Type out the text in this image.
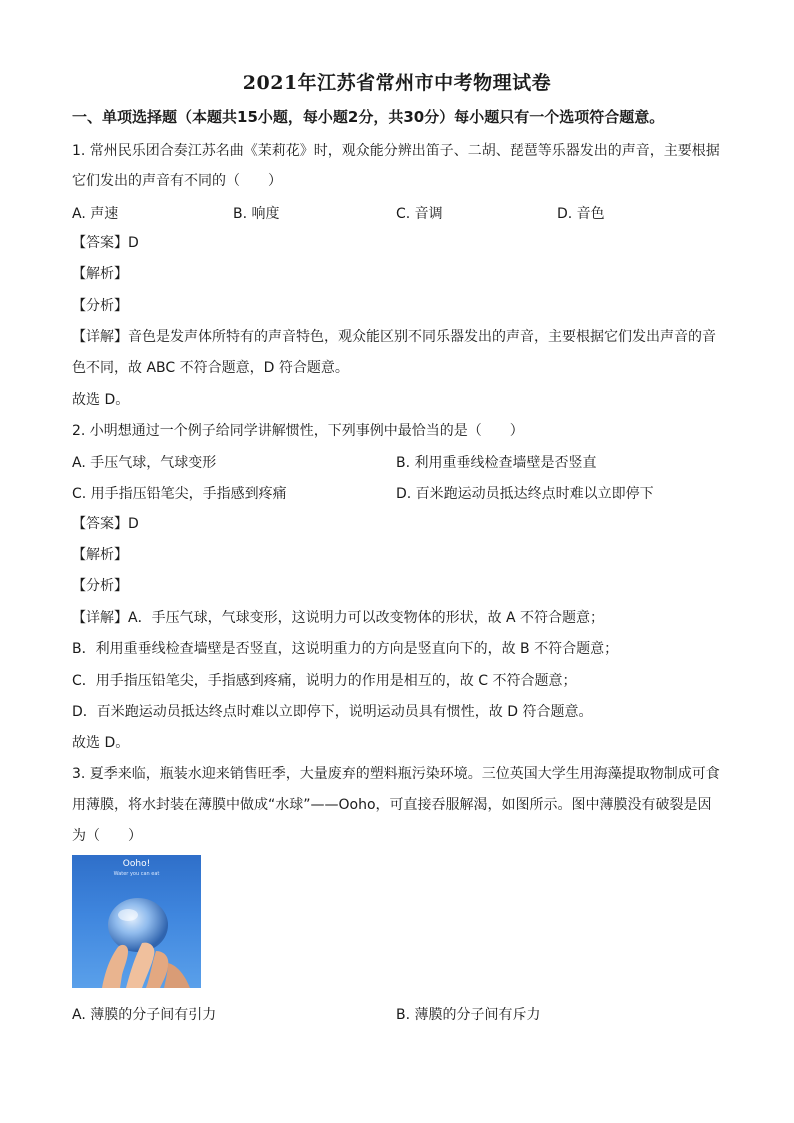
2021年江苏省常州市中考物理试卷
一、单项选择题（本题共15小题，每小题2分，共30分）每小题只有一个选项符合题意。
1. 常州民乐团合奏江苏名曲《茉莉花》时，观众能分辨出笛子、二胡、琵琶等乐器发出的声音，主要根据
它们发出的声音有不同的（　　）
A. 声速	B. 响度	C. 音调	D. 音色
【答案】D
【解析】
【分析】
【详解】音色是发声体所特有的声音特色，观众能区别不同乐器发出的声音，主要根据它们发出声音的音
色不同，故 ABC 不符合题意，D 符合题意。
故选 D。
2. 小明想通过一个例子给同学讲解惯性，下列事例中最恰当的是（　　）
A. 手压气球，气球变形	B. 利用重垂线检查墙壁是否竖直
C. 用手指压铅笔尖，手指感到疼痛	D. 百米跑运动员抵达终点时难以立即停下
【答案】D
【解析】
【分析】
【详解】A．手压气球，气球变形，这说明力可以改变物体的形状，故 A 不符合题意；
B．利用重垂线检查墙壁是否竖直，这说明重力的方向是竖直向下的，故 B 不符合题意；
C．用手指压铅笔尖，手指感到疼痛，说明力的作用是相互的，故 C 不符合题意；
D．百米跑运动员抵达终点时难以立即停下，说明运动员具有惯性，故 D 符合题意。
故选 D。
3. 夏季来临，瓶装水迎来销售旺季，大量废弃的塑料瓶污染环境。三位英国大学生用海藻提取物制成可食
用薄膜，将水封装在薄膜中做成“水球”——Ooho，可直接吞服解渴，如图所示。图中薄膜没有破裂是因
为（　　）
Ooho!
Water you can eat
A. 薄膜的分子间有引力	B. 薄膜的分子间有斥力
